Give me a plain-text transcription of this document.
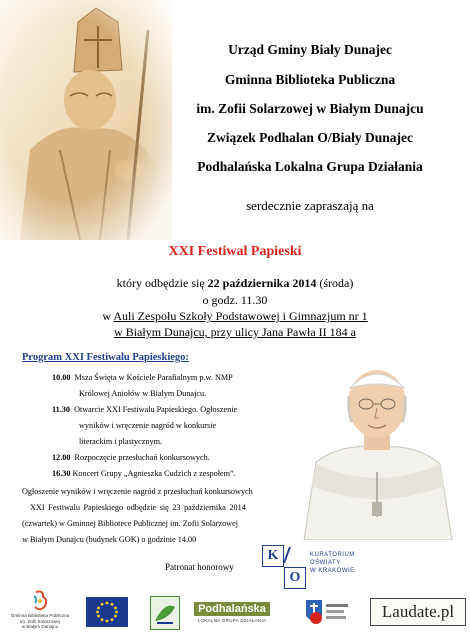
Urząd Gminy Biały Dunajec
Gminna Biblioteka Publiczna
im. Zofii Solarzowej w Białym Dunajcu
Związek Podhalan O/Biały Dunajec
Podhalańska Lokalna Grupa Działania
serdecznie zapraszają na
XXI Festiwal Papieski
który odbędzie się 22 października 2014 (środa)
o godz. 11.30
w Auli Zespołu Szkoły Podstawowej i Gimnazjum nr 1
w Białym Dunajcu, przy ulicy Jana Pawła II 184 a
Program XXI Festiwalu Papieskiego:
10.00 Msza Święta w Kościele Parafialnym p.w. NMP
Królowej Aniołów w Białym Dunajcu.
11.30 Otwarcie XXI Festiwalu Papieskiego. Ogłoszenie
wyników i wręczenie nagród w konkursie
literackim i plastycznym.
12.00 Rozpoczęcie przesłuchań konkursowych.
16.30 Koncert Grupy „Agnieszka Cudzich z zespołem”.
Ogłoszenie wyników i wręczenie nagród z przesłuchań konkursowych
XXI Festiwalu Papieskiego odbędzie się 23 października 2014
(czwartek) w Gminnej Bibliotece Publicznej im. Zofii Solarzowej
w Białym Dunajcu (budynek GOK) o godzinie 14.00
Patronat honorowy
K
O
KURATORIUM
OŚWIATY
W KRAKOWIE
Gminna Biblioteka Publiczna
im. Zofii Solarzowej
w Białym Dunajcu
Podhalańska
LOKALNA GRUPA DZIAŁANIA	Laudate.pl
